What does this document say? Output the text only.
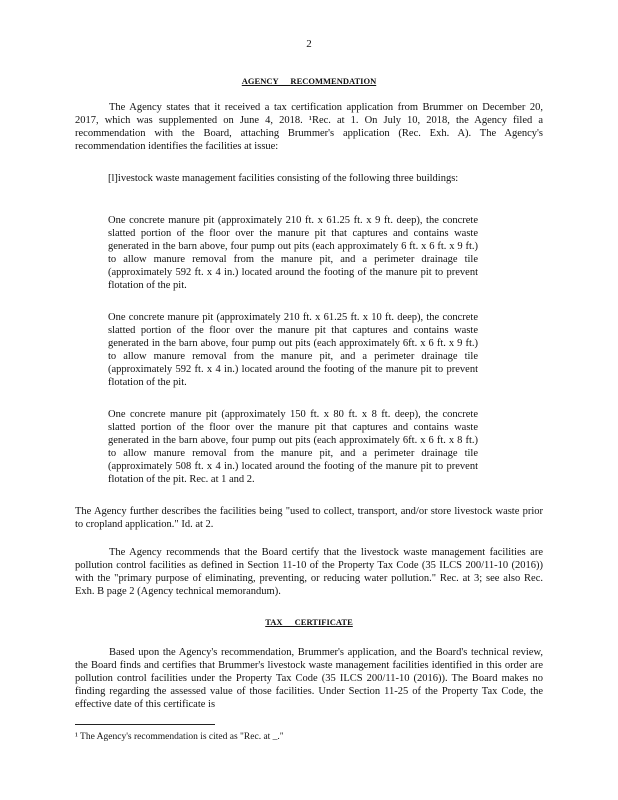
2
AGENCY RECOMMENDATION

The Agency states that it received a tax certification application from Brummer on December 20, 2017, which was supplemented on June 4, 2018. ¹Rec. at 1. On July 10, 2018, the Agency filed a recommendation with the Board, attaching Brummer's application (Rec. Exh. A). The Agency's recommendation identifies the facilities at issue:

[l]ivestock waste management facilities consisting of the following three buildings:

One concrete manure pit (approximately 210 ft. x 61.25 ft. x 9 ft. deep), the concrete slatted portion of the floor over the manure pit that captures and contains waste generated in the barn above, four pump out pits (each approximately 6 ft. x 6 ft. x 9 ft.) to allow manure removal from the manure pit, and a perimeter drainage tile (approximately 592 ft. x 4 in.) located around the footing of the manure pit to prevent flotation of the pit.

One concrete manure pit (approximately 210 ft. x 61.25 ft. x 10 ft. deep), the concrete slatted portion of the floor over the manure pit that captures and contains waste generated in the barn above, four pump out pits (each approximately 6ft. x 6 ft. x 9 ft.) to allow manure removal from the manure pit, and a perimeter drainage tile (approximately 592 ft. x 4 in.) located around the footing of the manure pit to prevent flotation of the pit.

One concrete manure pit (approximately 150 ft. x 80 ft. x 8 ft. deep), the concrete slatted portion of the floor over the manure pit that captures and contains waste generated in the barn above, four pump out pits (each approximately 6ft. x 6 ft. x 8 ft.) to allow manure removal from the manure pit, and a perimeter drainage tile (approximately 508 ft. x 4 in.) located around the footing of the manure pit to prevent flotation of the pit. Rec. at 1 and 2.

The Agency further describes the facilities being "used to collect, transport, and/or store livestock waste prior to cropland application." Id. at 2.

The Agency recommends that the Board certify that the livestock waste management facilities are pollution control facilities as defined in Section 11-10 of the Property Tax Code (35 ILCS 200/11-10 (2016)) with the "primary purpose of eliminating, preventing, or reducing water pollution." Rec. at 3; see also Rec. Exh. B page 2 (Agency technical memorandum).

TAX CERTIFICATE

Based upon the Agency's recommendation, Brummer's application, and the Board's technical review, the Board finds and certifies that Brummer's livestock waste management facilities identified in this order are pollution control facilities under the Property Tax Code (35 ILCS 200/11-10 (2016)). The Board makes no finding regarding the assessed value of those facilities. Under Section 11-25 of the Property Tax Code, the effective date of this certificate is

¹ The Agency's recommendation is cited as "Rec. at _."
